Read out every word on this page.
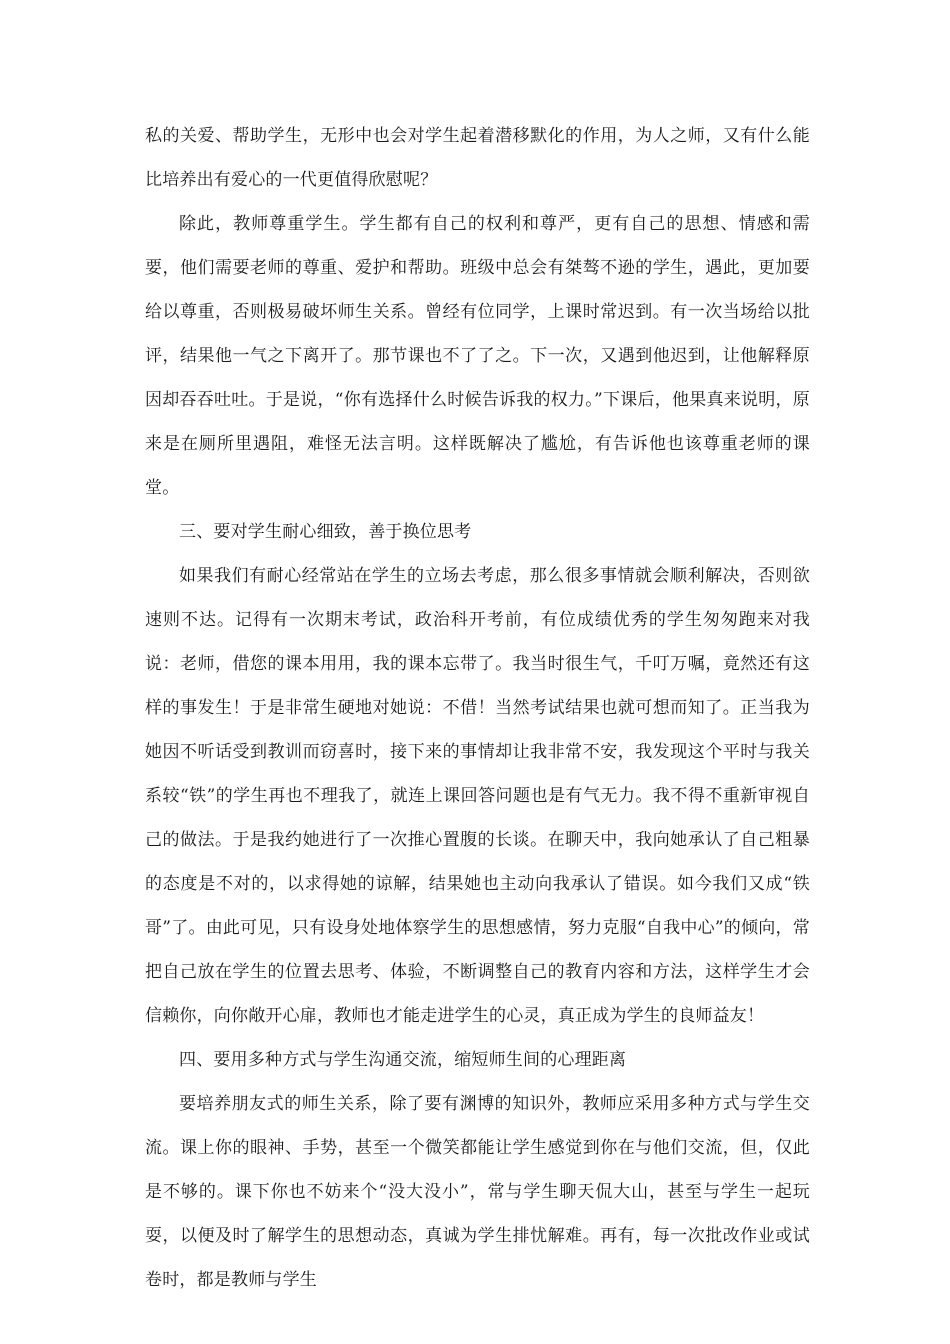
私的关爱、帮助学生，无形中也会对学生起着潜移默化的作用，为人之师，又有什么能比培养出有爱心的一代更值得欣慰呢？

除此，教师尊重学生。学生都有自己的权利和尊严，更有自己的思想、情感和需要，他们需要老师的尊重、爱护和帮助。班级中总会有桀骜不逊的学生，遇此，更加要给以尊重，否则极易破坏师生关系。曾经有位同学，上课时常迟到。有一次当场给以批评，结果他一气之下离开了。那节课也不了了之。下一次，又遇到他迟到，让他解释原因却吞吞吐吐。于是说，“你有选择什么时候告诉我的权力。”下课后，他果真来说明，原来是在厕所里遇阻，难怪无法言明。这样既解决了尴尬，有告诉他也该尊重老师的课堂。

三、要对学生耐心细致，善于换位思考

如果我们有耐心经常站在学生的立场去考虑，那么很多事情就会顺利解决，否则欲速则不达。记得有一次期末考试，政治科开考前，有位成绩优秀的学生匆匆跑来对我说：老师，借您的课本用用，我的课本忘带了。我当时很生气，千叮万嘱，竟然还有这样的事发生！于是非常生硬地对她说：不借！当然考试结果也就可想而知了。正当我为她因不听话受到教训而窃喜时，接下来的事情却让我非常不安，我发现这个平时与我关系较“铁”的学生再也不理我了，就连上课回答问题也是有气无力。我不得不重新审视自己的做法。于是我约她进行了一次推心置腹的长谈。在聊天中，我向她承认了自己粗暴的态度是不对的，以求得她的谅解，结果她也主动向我承认了错误。如今我们又成“铁哥”了。由此可见，只有设身处地体察学生的思想感情，努力克服“自我中心”的倾向，常把自己放在学生的位置去思考、体验，不断调整自己的教育内容和方法，这样学生才会信赖你，向你敞开心扉，教师也才能走进学生的心灵，真正成为学生的良师益友！

四、要用多种方式与学生沟通交流，缩短师生间的心理距离

要培养朋友式的师生关系，除了要有渊博的知识外，教师应采用多种方式与学生交流。课上你的眼神、手势，甚至一个微笑都能让学生感觉到你在与他们交流，但，仅此是不够的。课下你也不妨来个“没大没小”，常与学生聊天侃大山，甚至与学生一起玩耍，以便及时了解学生的思想动态，真诚为学生排忧解难。再有，每一次批改作业或试卷时，都是教师与学生
